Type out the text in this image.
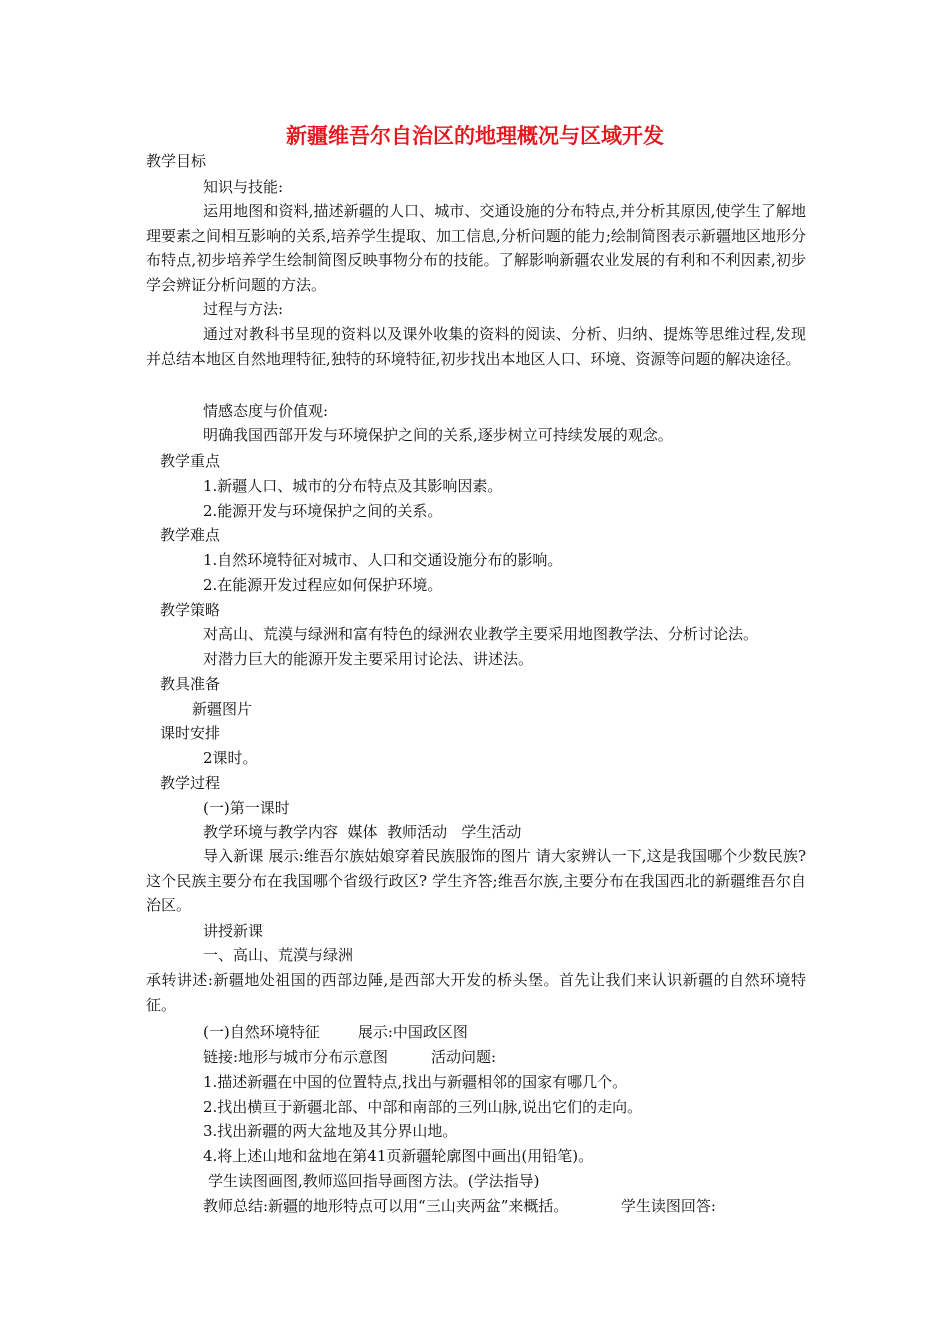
新疆维吾尔自治区的地理概况与区域开发
教学目标
知识与技能:
运用地图和资料,描述新疆的人口、城市、交通设施的分布特点,并分析其原因,使学生了解地理要素之间相互影响的关系,培养学生提取、加工信息,分析问题的能力;绘制简图表示新疆地区地形分布特点,初步培养学生绘制简图反映事物分布的技能。了解影响新疆农业发展的有利和不利因素,初步学会辨证分析问题的方法。
过程与方法:
通过对教科书呈现的资料以及课外收集的资料的阅读、分析、归纳、提炼等思维过程,发现并总结本地区自然地理特征,独特的环境特征,初步找出本地区人口、环境、资源等问题的解决途径。
情感态度与价值观:
明确我国西部开发与环境保护之间的关系,逐步树立可持续发展的观念。
教学重点
1.新疆人口、城市的分布特点及其影响因素。
2.能源开发与环境保护之间的关系。
教学难点
1.自然环境特征对城市、人口和交通设施分布的影响。
2.在能源开发过程应如何保护环境。
教学策略
对高山、荒漠与绿洲和富有特色的绿洲农业教学主要采用地图教学法、分析讨论法。
对潜力巨大的能源开发主要采用讨论法、讲述法。
教具准备
新疆图片
课时安排
2课时。
教学过程
(一)第一课时
教学环境与教学内容  媒体  教师活动   学生活动
导入新课 展示:维吾尔族姑娘穿着民族服饰的图片 请大家辨认一下,这是我国哪个少数民族?这个民族主要分布在我国哪个省级行政区? 学生齐答;维吾尔族,主要分布在我国西北的新疆维吾尔自治区。
讲授新课
一、高山、荒漠与绿洲
承转讲述:新疆地处祖国的西部边陲,是西部大开发的桥头堡。首先让我们来认识新疆的自然环境特征。
(一)自然环境特征        展示:中国政区图
链接:地形与城市分布示意图         活动问题:
1.描述新疆在中国的位置特点,找出与新疆相邻的国家有哪几个。
2.找出横亘于新疆北部、中部和南部的三列山脉,说出它们的走向。
3.找出新疆的两大盆地及其分界山地。
4.将上述山地和盆地在第41页新疆轮廓图中画出(用铅笔)。
学生读图画图,教师巡回指导画图方法。(学法指导)
教师总结:新疆的地形特点可以用“三山夹两盆”来概括。           学生读图回答:
